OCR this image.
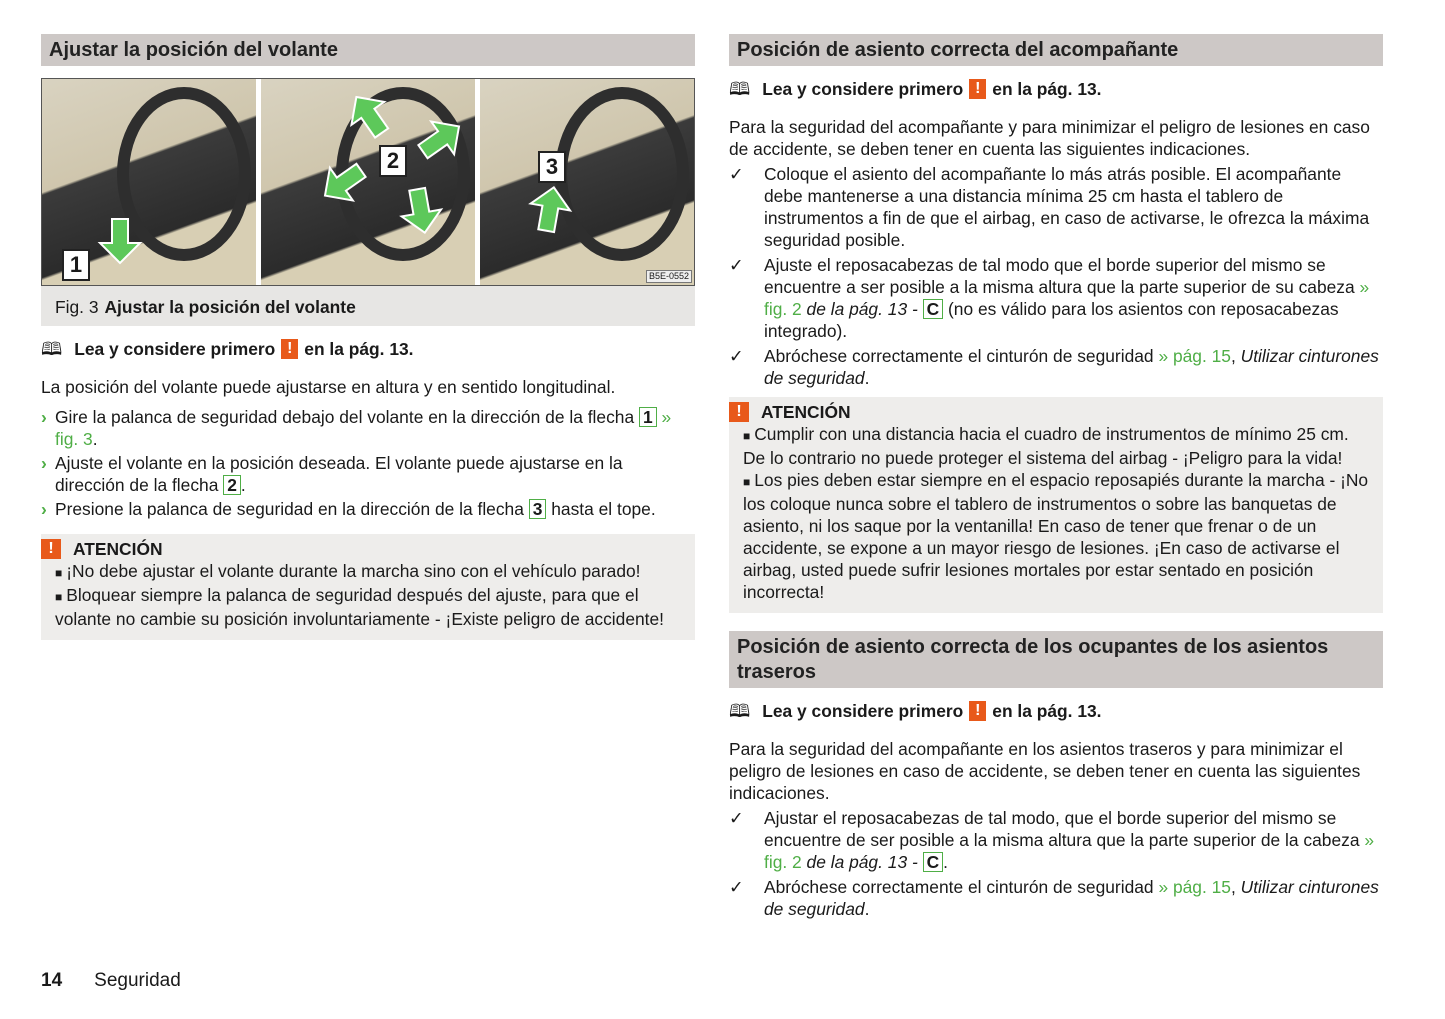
Ajustar la posición del volante
1
2	3
B5E-0552
Fig. 3 Ajustar la posición del volante
🕮 Lea y considere primero ! en la pág. 13.

La posición del volante puede ajustarse en altura y en sentido longitudinal.

› Gire la palanca de seguridad debajo del volante en la dirección de la flecha 1 » fig. 3.

› Ajuste el volante en la posición deseada. El volante puede ajustarse en la dirección de la flecha 2 .

› Presione la palanca de seguridad en la dirección de la flecha 3 hasta el tope.

!	ATENCIÓN

■ ¡No debe ajustar el volante durante la marcha sino con el vehículo parado!

■ Bloquear siempre la palanca de seguridad después del ajuste, para que el volante no cambie su posición involuntariamente - ¡Existe peligro de accidente!

Posición de asiento correcta del acompañante
🕮 Lea y considere primero ! en la pág. 13.

Para la seguridad del acompañante y para minimizar el peligro de lesiones en caso de accidente, se deben tener en cuenta las siguientes indicaciones.

✓ Coloque el asiento del acompañante lo más atrás posible. El acompañante debe mantenerse a una distancia mínima 25 cm hasta el tablero de instrumentos a fin de que el airbag, en caso de activarse, le ofrezca la máxima seguridad posible.

✓ Ajuste el reposacabezas de tal modo que el borde superior del mismo se encuentre a ser posible a la misma altura que la parte superior de su cabeza » fig. 2 de la pág. 13 - C (no es válido para los asientos con reposacabezas integrado).

✓ Abróchese correctamente el cinturón de seguridad » pág. 15, Utilizar cinturones de seguridad.

!	ATENCIÓN

■ Cumplir con una distancia hacia el cuadro de instrumentos de mínimo 25 cm. De lo contrario no puede proteger el sistema del airbag - ¡Peligro para la vida!

■ Los pies deben estar siempre en el espacio reposapiés durante la marcha - ¡No los coloque nunca sobre el tablero de instrumentos o sobre las banquetas de asiento, ni los saque por la ventanilla! En caso de tener que frenar o de un accidente, se expone a un mayor riesgo de lesiones. ¡En caso de activarse el airbag, usted puede sufrir lesiones mortales por estar sentado en posición incorrecta!

Posición de asiento correcta de los ocupantes de los asientos traseros
🕮 Lea y considere primero ! en la pág. 13.

Para la seguridad del acompañante en los asientos traseros y para minimizar el peligro de lesiones en caso de accidente, se deben tener en cuenta las siguientes indicaciones.

✓ Ajustar el reposacabezas de tal modo, que el borde superior del mismo se encuentre de ser posible a la misma altura que la parte superior de la cabeza » fig. 2 de la pág. 13 - C .

✓ Abróchese correctamente el cinturón de seguridad » pág. 15, Utilizar cinturones de seguridad.

14 Seguridad
